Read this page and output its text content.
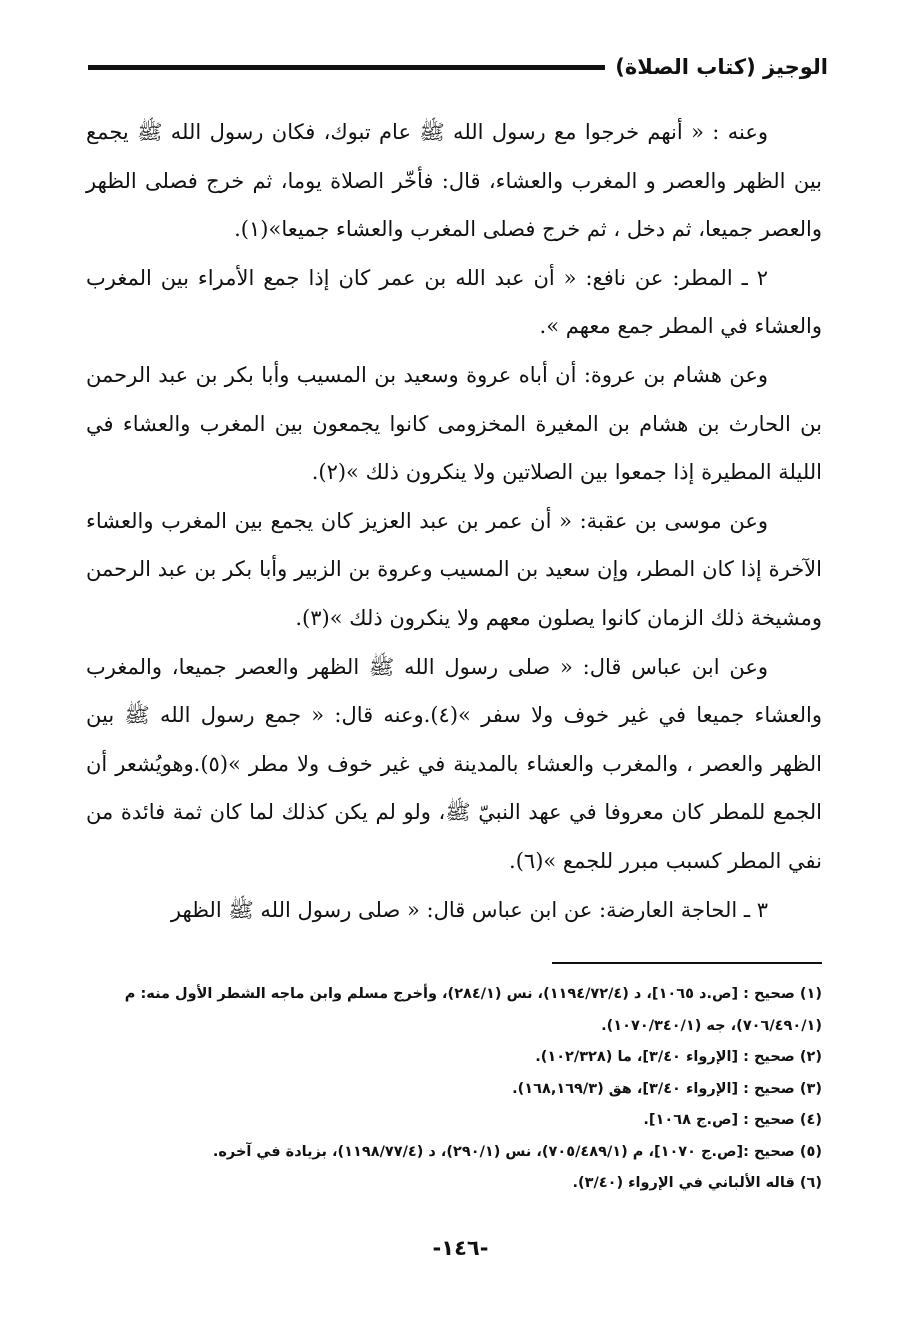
الوجيز (كتاب الصلاة)

وعنه : « أنهم خرجوا مع رسول الله ﷺ عام تبوك، فكان رسول الله ﷺ يجمع بين الظهر والعصر و المغرب والعشاء، قال: فأخّر الصلاة يوما، ثم خرج فصلى الظهر والعصر جميعا، ثم دخل ، ثم خرج فصلى المغرب والعشاء جميعا»(١).

٢ ـ المطر: عن نافع: « أن عبد الله بن عمر كان إذا جمع الأمراء بين المغرب والعشاء في المطر جمع معهم ».

وعن هشام بن عروة: أن أباه عروة وسعيد بن المسيب وأبا بكر بن عبد الرحمن بن الحارث بن هشام بن المغيرة المخزومى كانوا يجمعون بين المغرب والعشاء في الليلة المطيرة إذا جمعوا بين الصلاتين ولا ينكرون ذلك »(٢).

وعن موسى بن عقبة: « أن عمر بن عبد العزيز كان يجمع بين المغرب والعشاء الآخرة إذا كان المطر، وإن سعيد بن المسيب وعروة بن الزبير وأبا بكر بن عبد الرحمن ومشيخة ذلك الزمان كانوا يصلون معهم ولا ينكرون ذلك »(٣).

وعن ابن عباس قال: « صلى رسول الله ﷺ الظهر والعصر جميعا، والمغرب والعشاء جميعا في غير خوف ولا سفر »(٤).وعنه قال: « جمع رسول الله ﷺ بين الظهر والعصر ، والمغرب والعشاء بالمدينة في غير خوف ولا مطر »(٥).وهويُشعر أن الجمع للمطر كان معروفا في عهد النبيّ ﷺ، ولو لم يكن كذلك لما كان ثمة فائدة من نفي المطر كسبب مبرر للجمع »(٦).

٣ ـ الحاجة العارضة: عن ابن عباس قال: « صلى رسول الله ﷺ الظهر

(١) صحيح : [ص.د ١٠٦٥]، د (١١٩٤/٧٢/٤)، نس (٢٨٤/١)، وأخرج مسلم وابن ماجه الشطر الأول منه: م (٧٠٦/٤٩٠/١)، جه (١٠٧٠/٣٤٠/١).

(٢) صحيح : [الإرواء ٣/٤٠]، ما (١٠٢/٣٢٨).

(٣) صحيح : [الإرواء ٣/٤٠]، هق (١٦٨,١٦٩/٣).

(٤) صحيح : [ص.ج ١٠٦٨].

(٥) صحيح :[ص.ج ١٠٧٠]، م (٧٠٥/٤٨٩/١)، نس (٢٩٠/١)، د (١١٩٨/٧٧/٤)، بزيادة في آخره.

(٦) قاله الألباني في الإرواء (٣/٤٠).

-١٤٦-
